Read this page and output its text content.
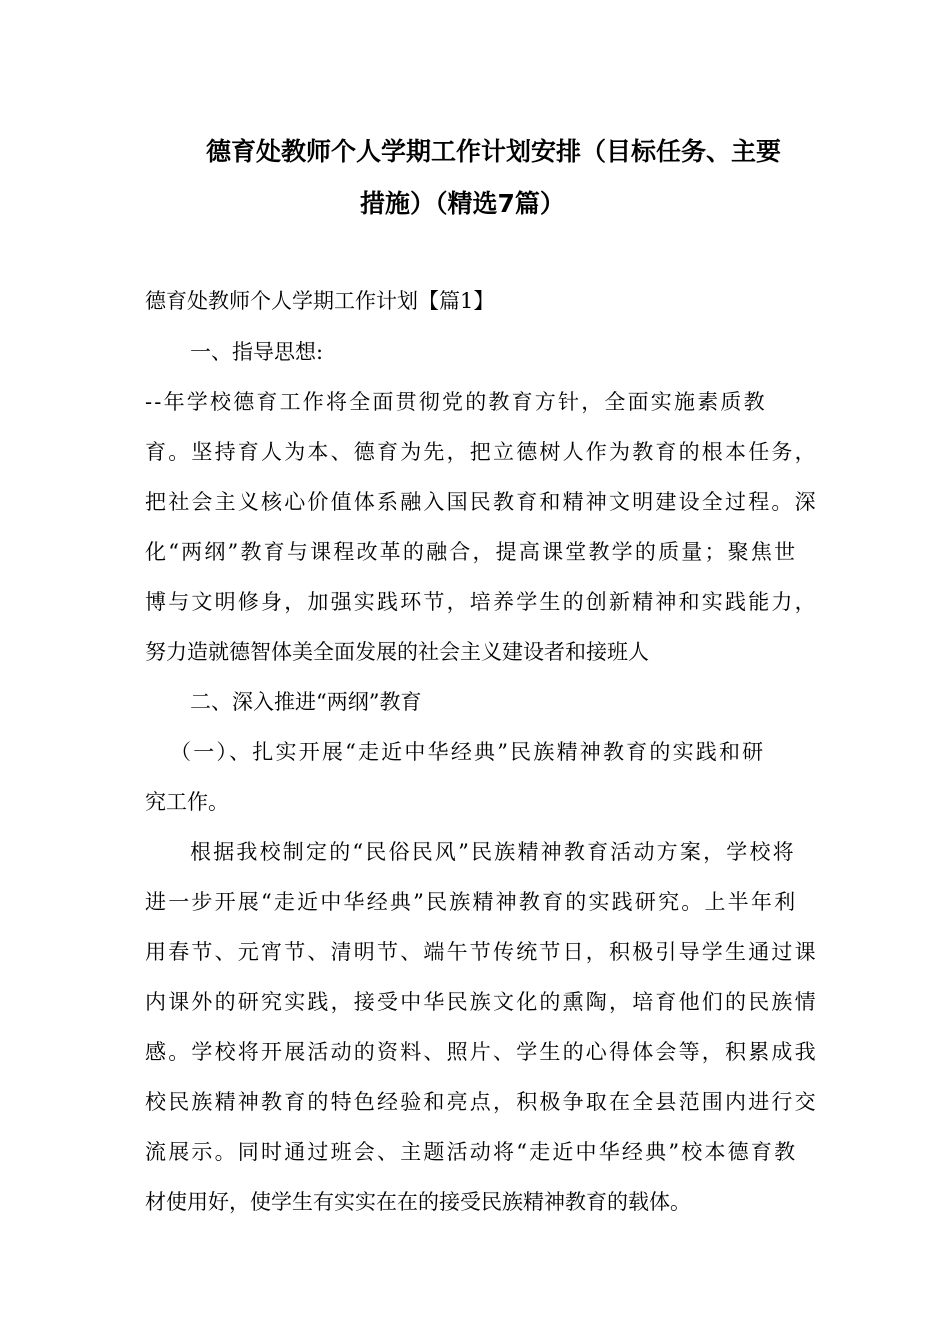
德育处教师个人学期工作计划安排（目标任务、主要
措施）（精选7篇）

德育处教师个人学期工作计划【篇1】

一、指导思想:

--年学校德育工作将全面贯彻党的教育方针，全面实施素质教

育。坚持育人为本、德育为先，把立德树人作为教育的根本任务，

把社会主义核心价值体系融入国民教育和精神文明建设全过程。深

化“两纲”教育与课程改革的融合，提高课堂教学的质量；聚焦世

博与文明修身，加强实践环节，培养学生的创新精神和实践能力，

努力造就德智体美全面发展的社会主义建设者和接班人

二、深入推进“两纲”教育

（一）、扎实开展“走近中华经典”民族精神教育的实践和研

究工作。

根据我校制定的“民俗民风”民族精神教育活动方案，学校将

进一步开展“走近中华经典”民族精神教育的实践研究。上半年利

用春节、元宵节、清明节、端午节传统节日，积极引导学生通过课

内课外的研究实践，接受中华民族文化的熏陶，培育他们的民族情

感。学校将开展活动的资料、照片、学生的心得体会等，积累成我

校民族精神教育的特色经验和亮点，积极争取在全县范围内进行交

流展示。同时通过班会、主题活动将“走近中华经典”校本德育教

材使用好，使学生有实实在在的接受民族精神教育的载体。
